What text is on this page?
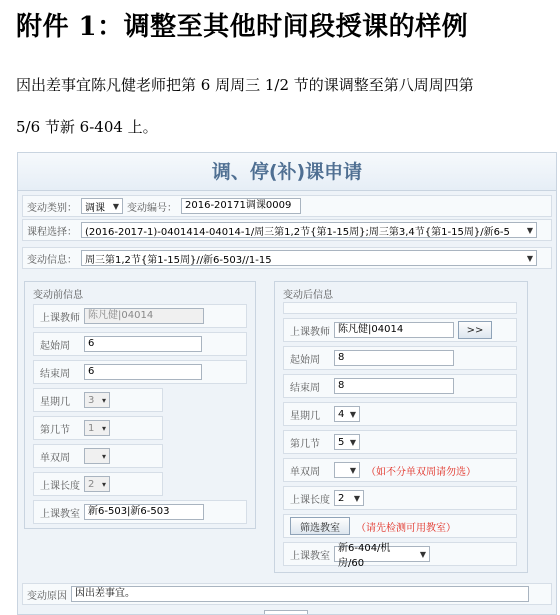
附件 1：调整至其他时间段授课的样例
因出差事宜陈凡健老师把第 6 周周三 1/2 节的课调整至第八周周四第
5/6 节新 6-404 上。
调、停(补)课申请
变动类别： 调课 ▼ 变动编号： 2016-20171调课0009
课程选择： (2016-2017-1)-0401414-04014-1/周三第1,2节{第1-15周};周三第3,4节{第1-15周}/新6-5	▼
变动信息： 周三第1,2节{第1-15周}//新6-503//1-15	▼
变动前信息
上课教师 陈凡健|04014
起始周	6
结束周	6
星期几	3 ▾
第几节	1 ▾
单双周	▾
上课长度 2 ▾
上课教室 新6-503|新6-503
变动后信息
上课教师 陈凡健|04014	>>
起始周	8
结束周	8
星期几	4 ▼
第几节	5 ▼
单双周	▼ （如不分单双周请勿选）
上课长度 2 ▼
筛选教室	（请先检测可用教室）
上课教室
新6-404/机房/60
▼
变动原因 因出差事宜。
